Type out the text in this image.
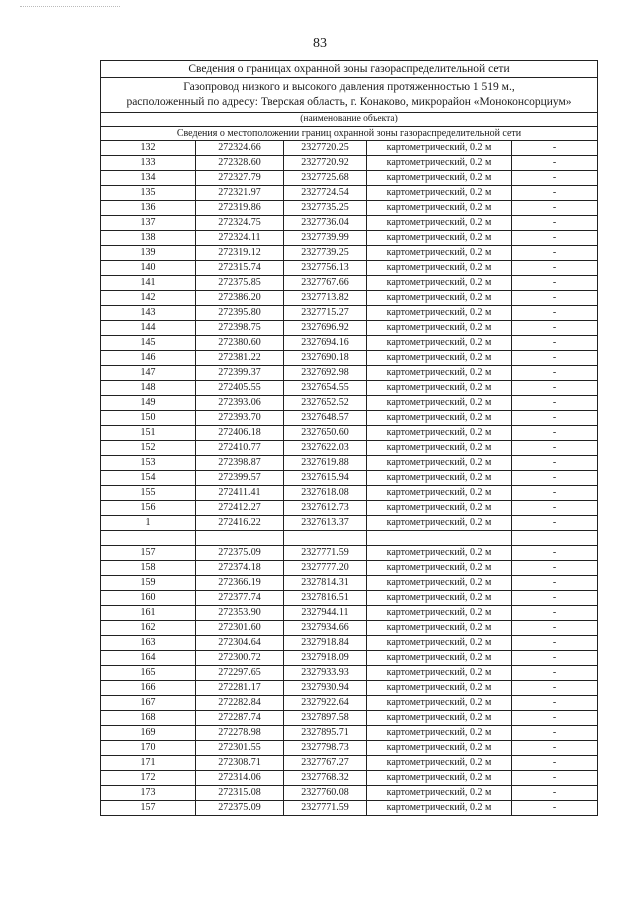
83
Сведения о границах охранной зоны газораспределительной сети
Газопровод низкого и высокого давления протяженностью 1 519 м.,
расположенный по адресу: Тверская область, г. Конаково, микрорайон «Моноконсорциум»
(наименование объекта)
Сведения о местоположении границ охранной зоны газораспределительной сети
132	272324.66	2327720.25	картометрический, 0.2 м	-
133	272328.60	2327720.92	картометрический, 0.2 м	-
134	272327.79	2327725.68	картометрический, 0.2 м	-
135	272321.97	2327724.54	картометрический, 0.2 м	-
136	272319.86	2327735.25	картометрический, 0.2 м	-
137	272324.75	2327736.04	картометрический, 0.2 м	-
138	272324.11	2327739.99	картометрический, 0.2 м	-
139	272319.12	2327739.25	картометрический, 0.2 м	-
140	272315.74	2327756.13	картометрический, 0.2 м	-
141	272375.85	2327767.66	картометрический, 0.2 м	-
142	272386.20	2327713.82	картометрический, 0.2 м	-
143	272395.80	2327715.27	картометрический, 0.2 м	-
144	272398.75	2327696.92	картометрический, 0.2 м	-
145	272380.60	2327694.16	картометрический, 0.2 м	-
146	272381.22	2327690.18	картометрический, 0.2 м	-
147	272399.37	2327692.98	картометрический, 0.2 м	-
148	272405.55	2327654.55	картометрический, 0.2 м	-
149	272393.06	2327652.52	картометрический, 0.2 м	-
150	272393.70	2327648.57	картометрический, 0.2 м	-
151	272406.18	2327650.60	картометрический, 0.2 м	-
152	272410.77	2327622.03	картометрический, 0.2 м	-
153	272398.87	2327619.88	картометрический, 0.2 м	-
154	272399.57	2327615.94	картометрический, 0.2 м	-
155	272411.41	2327618.08	картометрический, 0.2 м	-
156	272412.27	2327612.73	картометрический, 0.2 м	-
1	272416.22	2327613.37	картометрический, 0.2 м	-

157	272375.09	2327771.59	картометрический, 0.2 м	-
158	272374.18	2327777.20	картометрический, 0.2 м	-
159	272366.19	2327814.31	картометрический, 0.2 м	-
160	272377.74	2327816.51	картометрический, 0.2 м	-
161	272353.90	2327944.11	картометрический, 0.2 м	-
162	272301.60	2327934.66	картометрический, 0.2 м	-
163	272304.64	2327918.84	картометрический, 0.2 м	-
164	272300.72	2327918.09	картометрический, 0.2 м	-
165	272297.65	2327933.93	картометрический, 0.2 м	-
166	272281.17	2327930.94	картометрический, 0.2 м	-
167	272282.84	2327922.64	картометрический, 0.2 м	-
168	272287.74	2327897.58	картометрический, 0.2 м	-
169	272278.98	2327895.71	картометрический, 0.2 м	-
170	272301.55	2327798.73	картометрический, 0.2 м	-
171	272308.71	2327767.27	картометрический, 0.2 м	-
172	272314.06	2327768.32	картометрический, 0.2 м	-
173	272315.08	2327760.08	картометрический, 0.2 м	-
157	272375.09	2327771.59	картометрический, 0.2 м	-
